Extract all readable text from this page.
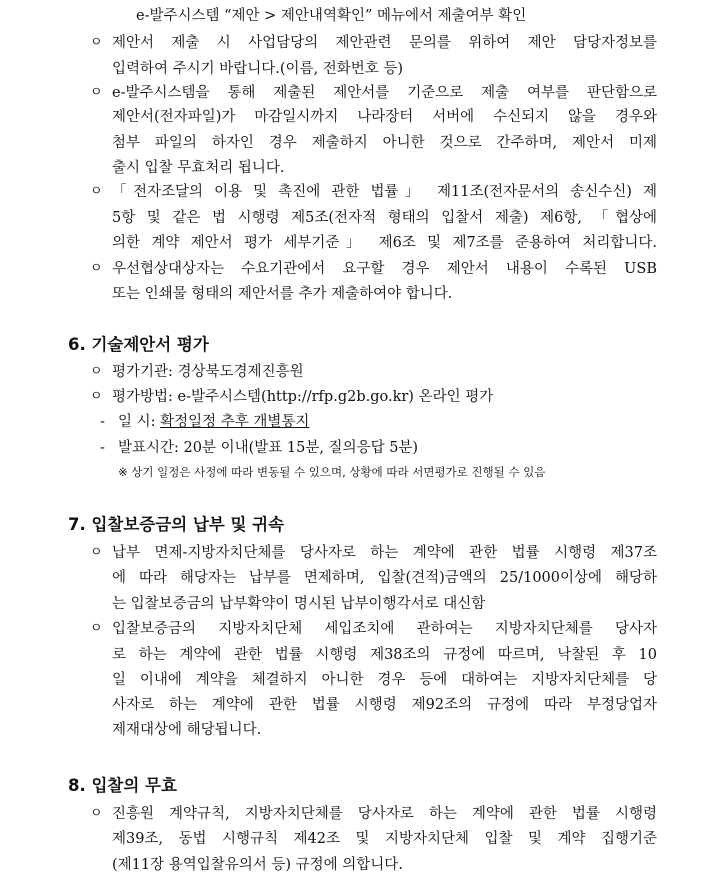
e-발주시스템 “제안 > 제안내역확인” 메뉴에서 제출여부 확인
ㅇ 제안서 제출 시 사업담당의 제안관련 문의를 위하여 제안 담당자정보를
입력하여 주시기 바랍니다.(이름, 전화번호 등)
ㅇ e-발주시스템을 통해 제출된 제안서를 기준으로 제출 여부를 판단함으로
제안서(전자파일)가 마감일시까지 나라장터 서버에 수신되지 않을 경우와
첨부 파일의 하자인 경우 제출하지 아니한 것으로 간주하며, 제안서 미제
출시 입찰 무효처리 됩니다.
ㅇ 「전자조달의 이용 및 촉진에 관한 법률」 제11조(전자문서의 송신수신) 제
5항 및 같은 법 시행령 제5조(전자적 형태의 입찰서 제출) 제6항, 「협상에
의한 계약 제안서 평가 세부기준」 제6조 및 제7조를 준용하여 처리합니다.
ㅇ 우선협상대상자는 수요기관에서 요구할 경우 제안서 내용이 수록된 USB
또는 인쇄물 형태의 제안서를 추가 제출하여야 합니다.
6. 기술제안서 평가
ㅇ 평가기관: 경상북도경제진흥원
ㅇ 평가방법: e-발주시스템(http://rfp.g2b.go.kr) 온라인 평가
- 일 시: 확정일정 추후 개별통지
- 발표시간: 20분 이내(발표 15분, 질의응답 5분)
※ 상기 일정은 사정에 따라 변동될 수 있으며, 상황에 따라 서면평가로 진행될 수 있음
7. 입찰보증금의 납부 및 귀속
ㅇ 납부 면제-지방자치단체를 당사자로 하는 계약에 관한 법률 시행령 제37조
에 따라 해당자는 납부를 면제하며, 입찰(견적)금액의 25/1000이상에 해당하
는 입찰보증금의 납부확약이 명시된 납부이행각서로 대신함
ㅇ 입찰보증금의 지방자치단체 세입조치에 관하여는 지방자치단체를 당사자
로 하는 계약에 관한 법률 시행령 제38조의 규정에 따르며, 낙찰된 후 10
일 이내에 계약을 체결하지 아니한 경우 등에 대하여는 지방자치단체를 당
사자로 하는 계약에 관한 법률 시행령 제92조의 규정에 따라 부정당업자
제재대상에 해당됩니다.
8. 입찰의 무효
ㅇ 진흥원 계약규칙, 지방자치단체를 당사자로 하는 계약에 관한 법률 시행령
제39조, 동법 시행규칙 제42조 및 지방자치단체 입찰 및 계약 집행기준
(제11장 용역입찰유의서 등) 규정에 의합니다.
